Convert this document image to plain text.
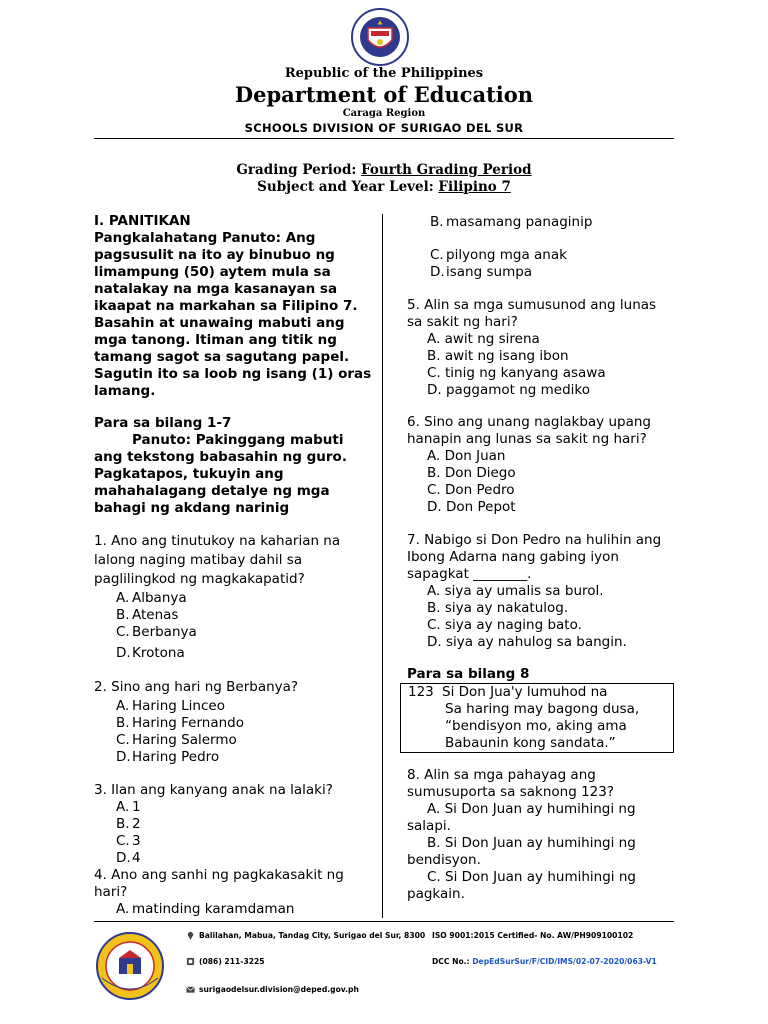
Republic of the Philippines
Department of Education
Caraga Region
SCHOOLS DIVISION OF SURIGAO DEL SUR
Grading Period: Fourth Grading Period
Subject and Year Level: Filipino 7
I. PANITIKAN
Pangkalahatang Panuto: Ang
pagsusulit na ito ay binubuo ng
limampung (50) aytem mula sa
natalakay na mga kasanayan sa
ikaapat na markahan sa Filipino 7.
Basahin at unawaing mabuti ang
mga tanong. Itiman ang titik ng
tamang sagot sa sagutang papel.
Sagutin ito sa loob ng isang (1) oras
lamang.
Para sa bilang 1-7
Panuto: Pakinggang mabuti
ang tekstong babasahin ng guro.
Pagkatapos, tukuyin ang
mahahalagang detalye ng mga
bahagi ng akdang narinig
1. Ano ang tinutukoy na kaharian na
lalong naging matibay dahil sa
paglilingkod ng magkakapatid?
A. Albanya
B. Atenas
C. Berbanya
D.Krotona
2. Sino ang hari ng Berbanya?
A. Haring Linceo
B. Haring Fernando
C. Haring Salermo
D.Haring Pedro
3. Ilan ang kanyang anak na lalaki?
A. 1
B. 2
C. 3
D.4
4. Ano ang sanhi ng pagkakasakit ng
hari?
A. matinding karamdaman
B. masamang panaginip
C. pilyong mga anak
D.isang sumpa
5. Alin sa mga sumusunod ang lunas
sa sakit ng hari?
A. awit ng sirena
B. awit ng isang ibon
C. tinig ng kanyang asawa
D. paggamot ng mediko
6. Sino ang unang naglakbay upang
hanapin ang lunas sa sakit ng hari?
A. Don Juan
B. Don Diego
C. Don Pedro
D. Don Pepot
7. Nabigo si Don Pedro na hulihin ang
Ibong Adarna nang gabing iyon
sapagkat ________.
A. siya ay umalis sa burol.
B. siya ay nakatulog.
C. siya ay naging bato.
D. siya ay nahulog sa bangin.
Para sa bilang 8
123 Si Don Jua'y lumuhod na
Sa haring may bagong dusa,
“bendisyon mo, aking ama
Babaunin kong sandata.”
8. Alin sa mga pahayag ang
sumusuporta sa saknong 123?
A. Si Don Juan ay humihingi ng
salapi.
B. Si Don Juan ay humihingi ng
bendisyon.
C. Si Don Juan ay humihingi ng
pagkain.
Balilahan, Mabua, Tandag City, Surigao del Sur, 8300
(086) 211-3225
surigaodelsur.division@deped.gov.ph
ISO 9001:2015 Certified- No. AW/PH909100102
DCC No.: DepEdSurSur/F/CID/IMS/02-07-2020/063-V1
